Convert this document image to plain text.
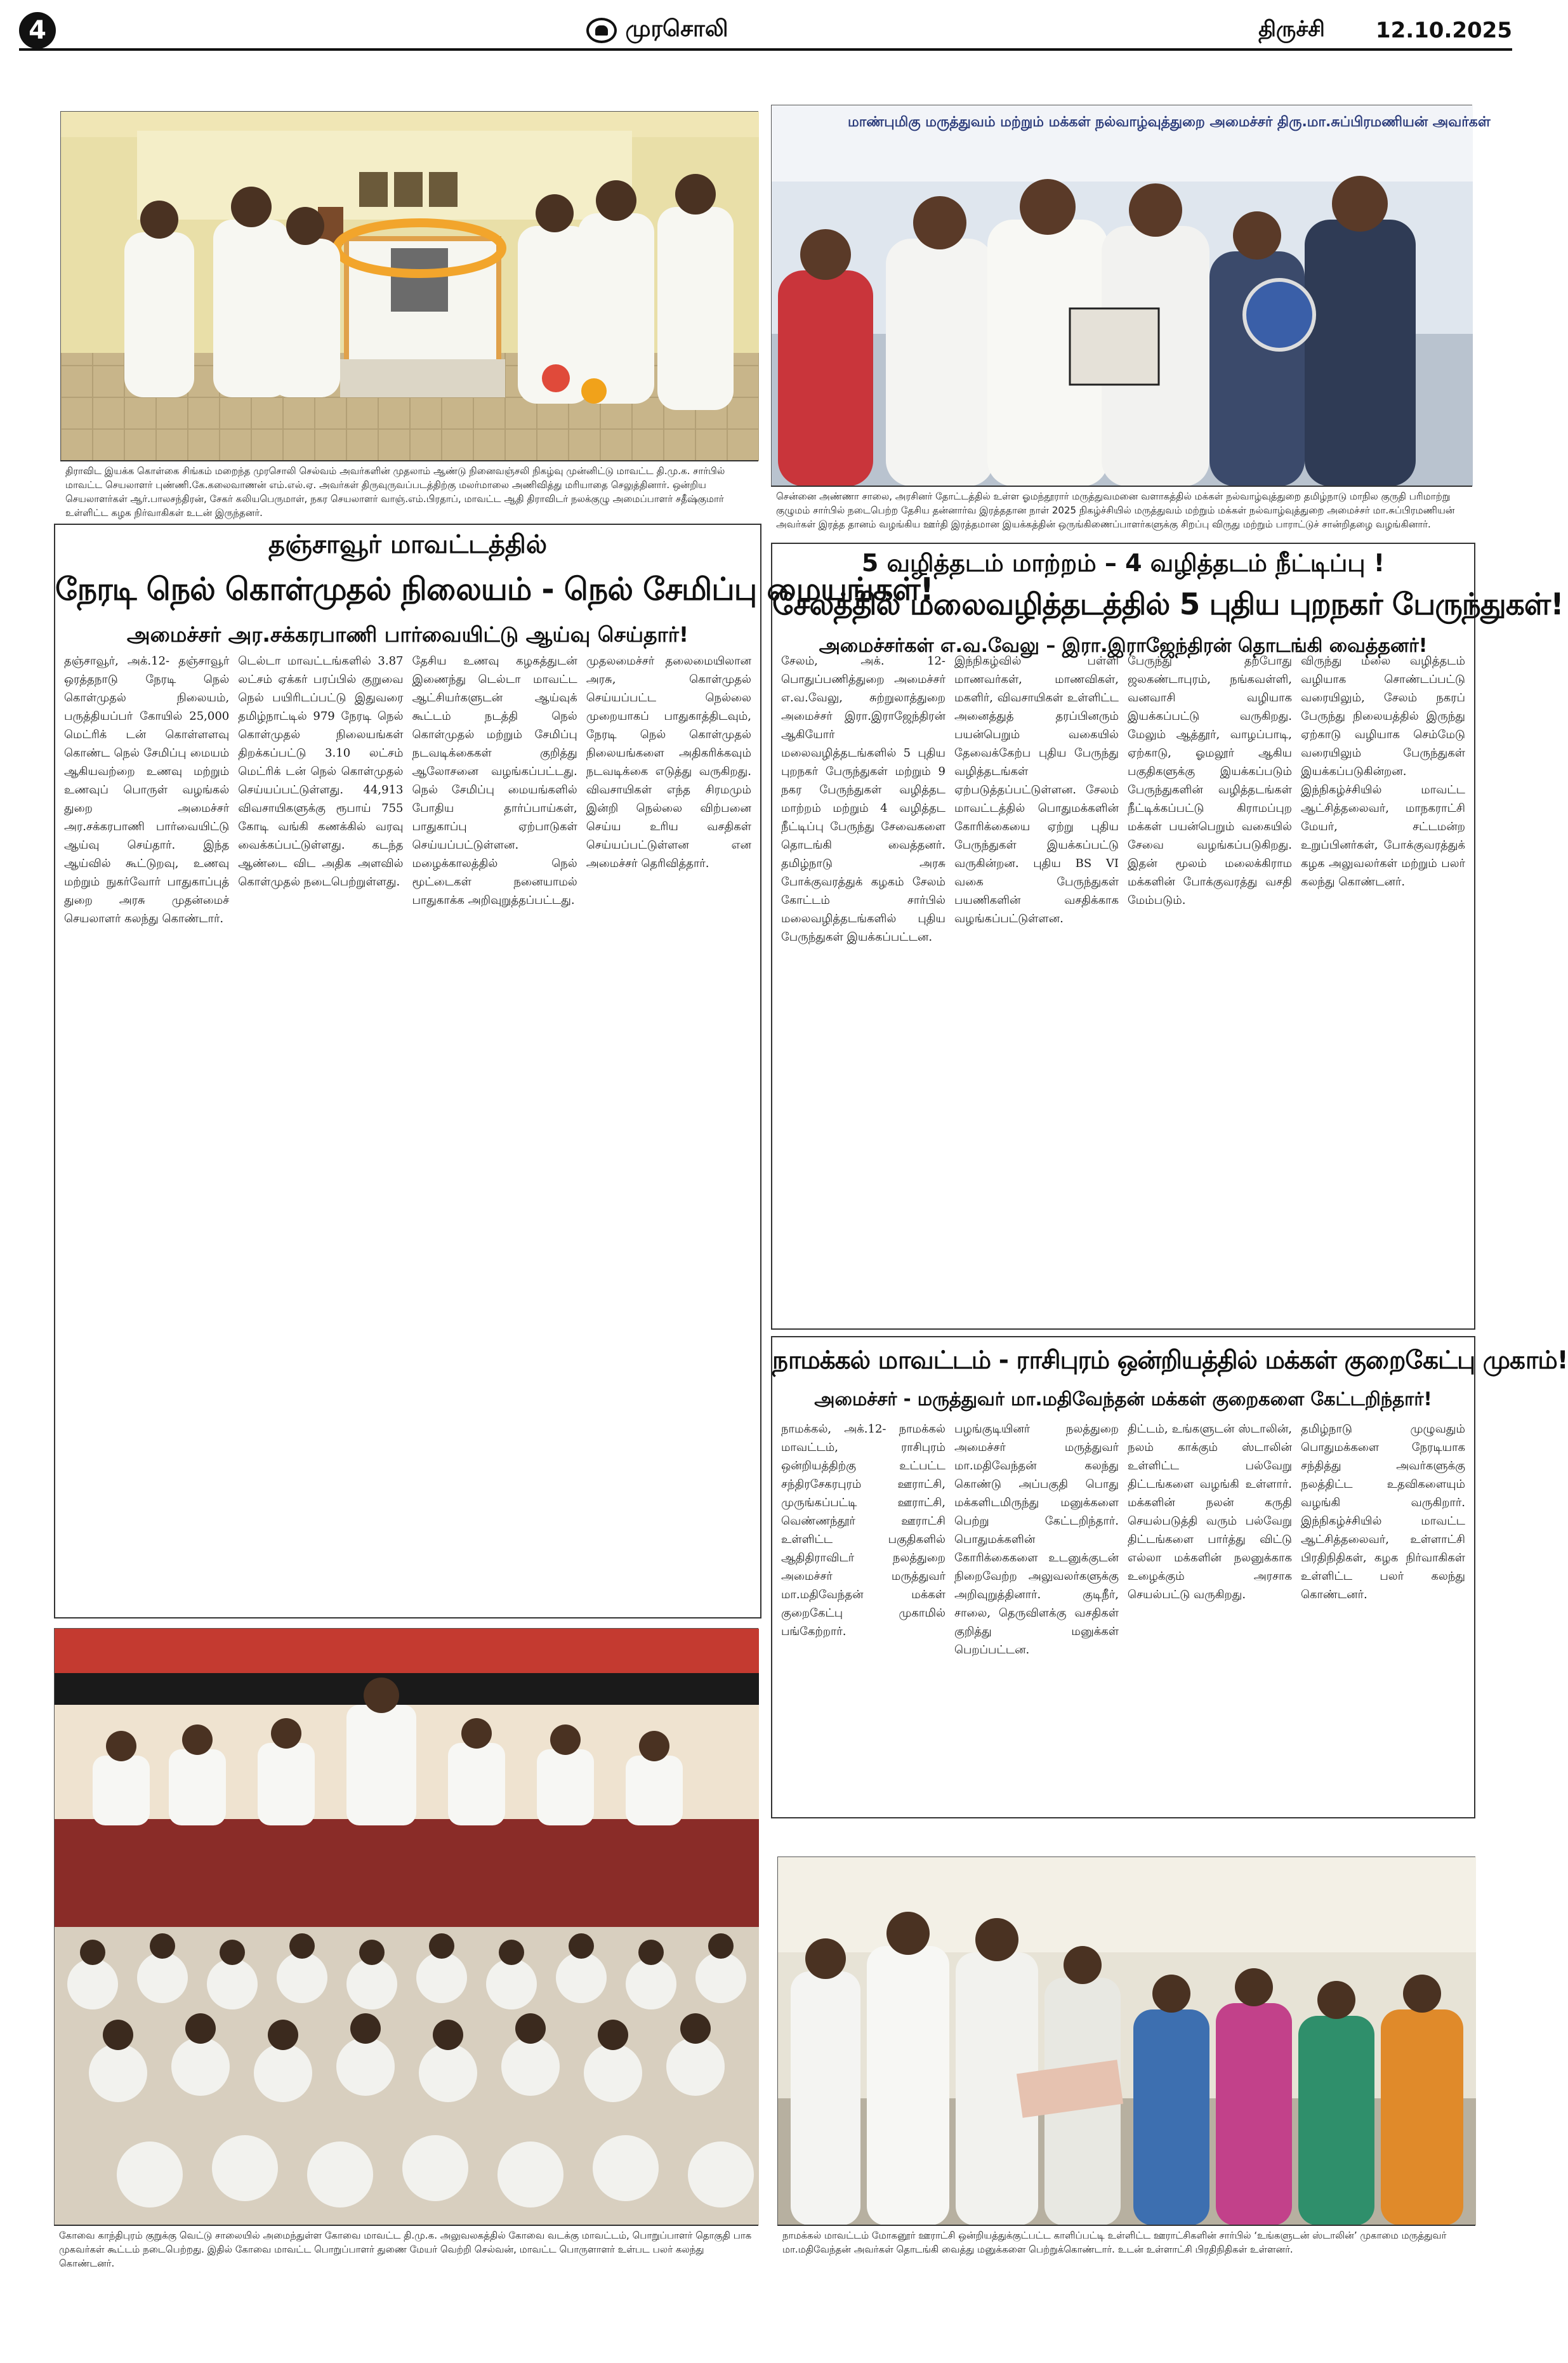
4	முரசொலி	திருச்சி 12.10.2025
திராவிட இயக்க கொள்கை சிங்கம் மறைந்த முரசொலி செல்வம் அவர்களின் முதலாம் ஆண்டு நினைவஞ்சலி நிகழ்வு முன்னிட்டு மாவட்ட தி.மு.க. சார்பில் மாவட்ட செயலாளர் புண்ணி.கே.கலைவாணன் எம்.எல்.ஏ. அவர்கள் திருவுருவப்படத்திற்கு மலர்மாலை அணிவித்து மரியாதை செலுத்தினார். ஒன்றிய செயலாளர்கள் ஆர்.பாலசந்திரன், சேகர் கலியபெருமாள், நகர செயலாளர் வாஞ்.எம்.பிரதாப், மாவட்ட ஆதி திராவிடர் நலக்குழு அமைப்பாளர் சதீஷ்குமார் உள்ளிட்ட கழக நிர்வாகிகள் உடன் இருந்தனர்.
மாண்புமிகு மருத்துவம் மற்றும் மக்கள் நல்வாழ்வுத்துறை அமைச்சர் திரு.மா.சுப்பிரமணியன் அவர்கள்
சென்னை அண்ணா சாலை, அரசினர் தோட்டத்தில் உள்ள ஓமந்தூரார் மருத்துவமனை வளாகத்தில் மக்கள் நல்வாழ்வுத்துறை தமிழ்நாடு மாநில குருதி பரிமாற்று குழுமம் சார்பில் நடைபெற்ற தேசிய தன்னார்வ இரத்ததான நாள் 2025 நிகழ்ச்சியில் மருத்துவம் மற்றும் மக்கள் நல்வாழ்வுத்துறை அமைச்சர் மா.சுப்பிரமணியன் அவர்கள் இரத்த தானம் வழங்கிய ஊர்தி இரத்தமான இயக்கத்தின் ஒருங்கிணைப்பாளர்களுக்கு சிறப்பு விருது மற்றும் பாராட்டுச் சான்றிதழை வழங்கினார்.
5 வழித்தடம் மாற்றம் – 4 வழித்தடம் நீட்டிப்பு !
சேலத்தில் மலைவழித்தடத்தில் 5 புதிய புறநகர் பேருந்துகள்!
அமைச்சர்கள் எ.வ.வேலு – இரா.இராஜேந்திரன் தொடங்கி வைத்தனர்!
சேலம், அக். 12- பொதுப்பணித்துறை அமைச்சர் எ.வ.வேலு, சுற்றுலாத்துறை அமைச்சர் இரா.இராஜேந்திரன் ஆகியோர் மலைவழித்தடங்களில் 5 புதிய புறநகர் பேருந்துகள் மற்றும் 9 நகர பேருந்துகள் வழித்தட மாற்றம் மற்றும் 4 வழித்தட நீட்டிப்பு பேருந்து சேவைகளை தொடங்கி வைத்தனர். தமிழ்நாடு அரசு போக்குவரத்துக் கழகம் சேலம் கோட்டம் சார்பில் மலைவழித்தடங்களில் புதிய பேருந்துகள் இயக்கப்பட்டன.
இந்நிகழ்வில் பள்ளி மாணவர்கள், மாணவிகள், மகளிர், விவசாயிகள் உள்ளிட்ட அனைத்துத் தரப்பினரும் பயன்பெறும் வகையில் தேவைக்கேற்ப புதிய பேருந்து வழித்தடங்கள் ஏற்படுத்தப்பட்டுள்ளன. சேலம் மாவட்டத்தில் பொதுமக்களின் கோரிக்கையை ஏற்று புதிய பேருந்துகள் இயக்கப்பட்டு வருகின்றன. புதிய BS VI வகை பேருந்துகள் பயணிகளின் வசதிக்காக வழங்கப்பட்டுள்ளன.
பேருந்து தற்போது ஜலகண்டாபுரம், நங்கவள்ளி, வனவாசி வழியாக இயக்கப்பட்டு வருகிறது. மேலும் ஆத்தூர், வாழப்பாடி, ஏற்காடு, ஓமலூர் ஆகிய பகுதிகளுக்கு இயக்கப்படும் பேருந்துகளின் வழித்தடங்கள் நீட்டிக்கப்பட்டு கிராமப்புற மக்கள் பயன்பெறும் வகையில் சேவை வழங்கப்படுகிறது. இதன் மூலம் மலைக்கிராம மக்களின் போக்குவரத்து வசதி மேம்படும்.
விருந்து மலை வழித்தடம் வழியாக சொண்டப்பட்டு வரையிலும், சேலம் நகரப் பேருந்து நிலையத்தில் இருந்து ஏற்காடு வழியாக செம்மேடு வரையிலும் பேருந்துகள் இயக்கப்படுகின்றன. இந்நிகழ்ச்சியில் மாவட்ட ஆட்சித்தலைவர், மாநகராட்சி மேயர், சட்டமன்ற உறுப்பினர்கள், போக்குவரத்துக் கழக அலுவலர்கள் மற்றும் பலர் கலந்து கொண்டனர்.
தஞ்சாவூர் மாவட்டத்தில்
நேரடி நெல் கொள்முதல் நிலையம் - நெல் சேமிப்பு மையங்கள்!
அமைச்சர் அர.சக்கரபாணி பார்வையிட்டு ஆய்வு செய்தார்!
தஞ்சாவூர், அக்.12- தஞ்சாவூர் ஒரத்தநாடு நேரடி நெல் கொள்முதல் நிலையம், பருத்தியப்பர் கோயில் 25,000 மெட்ரிக் டன் கொள்ளளவு கொண்ட நெல் சேமிப்பு மையம் ஆகியவற்றை உணவு மற்றும் உணவுப் பொருள் வழங்கல் துறை அமைச்சர் அர.சக்கரபாணி பார்வையிட்டு ஆய்வு செய்தார். இந்த ஆய்வில் கூட்டுறவு, உணவு மற்றும் நுகர்வோர் பாதுகாப்புத் துறை அரசு முதன்மைச் செயலாளர் கலந்து கொண்டார்.
டெல்டா மாவட்டங்களில் 3.87 லட்சம் ஏக்கர் பரப்பில் குறுவை நெல் பயிரிடப்பட்டு இதுவரை தமிழ்நாட்டில் 979 நேரடி நெல் கொள்முதல் நிலையங்கள் திறக்கப்பட்டு 3.10 லட்சம் மெட்ரிக் டன் நெல் கொள்முதல் செய்யப்பட்டுள்ளது. 44,913 விவசாயிகளுக்கு ரூபாய் 755 கோடி வங்கி கணக்கில் வரவு வைக்கப்பட்டுள்ளது. கடந்த ஆண்டை விட அதிக அளவில் கொள்முதல் நடைபெற்றுள்ளது.
தேசிய உணவு கழகத்துடன் இணைந்து டெல்டா மாவட்ட ஆட்சியர்களுடன் ஆய்வுக் கூட்டம் நடத்தி நெல் கொள்முதல் மற்றும் சேமிப்பு நடவடிக்கைகள் குறித்து ஆலோசனை வழங்கப்பட்டது. நெல் சேமிப்பு மையங்களில் போதிய தார்ப்பாய்கள், பாதுகாப்பு ஏற்பாடுகள் செய்யப்பட்டுள்ளன. மழைக்காலத்தில் நெல் மூட்டைகள் நனையாமல் பாதுகாக்க அறிவுறுத்தப்பட்டது.
முதலமைச்சர் தலைமையிலான அரசு, கொள்முதல் செய்யப்பட்ட நெல்லை முறையாகப் பாதுகாத்திடவும், நேரடி நெல் கொள்முதல் நிலையங்களை அதிகரிக்கவும் நடவடிக்கை எடுத்து வருகிறது. விவசாயிகள் எந்த சிரமமும் இன்றி நெல்லை விற்பனை செய்ய உரிய வசதிகள் செய்யப்பட்டுள்ளன என அமைச்சர் தெரிவித்தார்.
நாமக்கல் மாவட்டம் - ராசிபுரம் ஒன்றியத்தில் மக்கள் குறைகேட்பு முகாம்!
அமைச்சர் - மருத்துவர் மா.மதிவேந்தன் மக்கள் குறைகளை கேட்டறிந்தார்!
நாமக்கல், அக்.12- நாமக்கல் மாவட்டம், ராசிபுரம் ஒன்றியத்திற்கு உட்பட்ட சந்திரசேகரபுரம் ஊராட்சி, முருங்கப்பட்டி ஊராட்சி, வெண்ணந்தூர் ஊராட்சி உள்ளிட்ட பகுதிகளில் ஆதிதிராவிடர் நலத்துறை அமைச்சர் மருத்துவர் மா.மதிவேந்தன் மக்கள் குறைகேட்பு முகாமில் பங்கேற்றார்.
பழங்குடியினர் நலத்துறை அமைச்சர் மருத்துவர் மா.மதிவேந்தன் கலந்து கொண்டு அப்பகுதி பொது மக்களிடமிருந்து மனுக்களை பெற்று கேட்டறிந்தார். பொதுமக்களின் கோரிக்கைகளை உடனுக்குடன் நிறைவேற்ற அலுவலர்களுக்கு அறிவுறுத்தினார். குடிநீர், சாலை, தெருவிளக்கு வசதிகள் குறித்து மனுக்கள் பெறப்பட்டன.
திட்டம், உங்களுடன் ஸ்டாலின், நலம் காக்கும் ஸ்டாலின் உள்ளிட்ட பல்வேறு திட்டங்களை வழங்கி உள்ளார். மக்களின் நலன் கருதி செயல்படுத்தி வரும் பல்வேறு திட்டங்களை பார்த்து விட்டு எல்லா மக்களின் நலனுக்காக உழைக்கும் அரசாக செயல்பட்டு வருகிறது.
தமிழ்நாடு முழுவதும் பொதுமக்களை நேரடியாக சந்தித்து அவர்களுக்கு நலத்திட்ட உதவிகளையும் வழங்கி வருகிறார். இந்நிகழ்ச்சியில் மாவட்ட ஆட்சித்தலைவர், உள்ளாட்சி பிரதிநிதிகள், கழக நிர்வாகிகள் உள்ளிட்ட பலர் கலந்து கொண்டனர்.
கோவை காந்திபுரம் குறுக்கு வெட்டு சாலையில் அமைந்துள்ள கோவை மாவட்ட தி.மு.க. அலுவலகத்தில் கோவை வடக்கு மாவட்டம், பொறுப்பாளர் தொகுதி பாக முகவர்கள் கூட்டம் நடைபெற்றது. இதில் கோவை மாவட்ட பொறுப்பாளர் துணை மேயர் வெற்றி செல்வன், மாவட்ட பொருளாளர் உள்பட பலர் கலந்து கொண்டனர்.
நாமக்கல் மாவட்டம் மோகனூர் ஊராட்சி ஒன்றியத்துக்குட்பட்ட காளிப்பட்டி உள்ளிட்ட ஊராட்சிகளின் சார்பில் ‘உங்களுடன் ஸ்டாலின்’ முகாமை மருத்துவர் மா.மதிவேந்தன் அவர்கள் தொடங்கி வைத்து மனுக்களை பெற்றுக்கொண்டார். உடன் உள்ளாட்சி பிரதிநிதிகள் உள்ளனர்.
